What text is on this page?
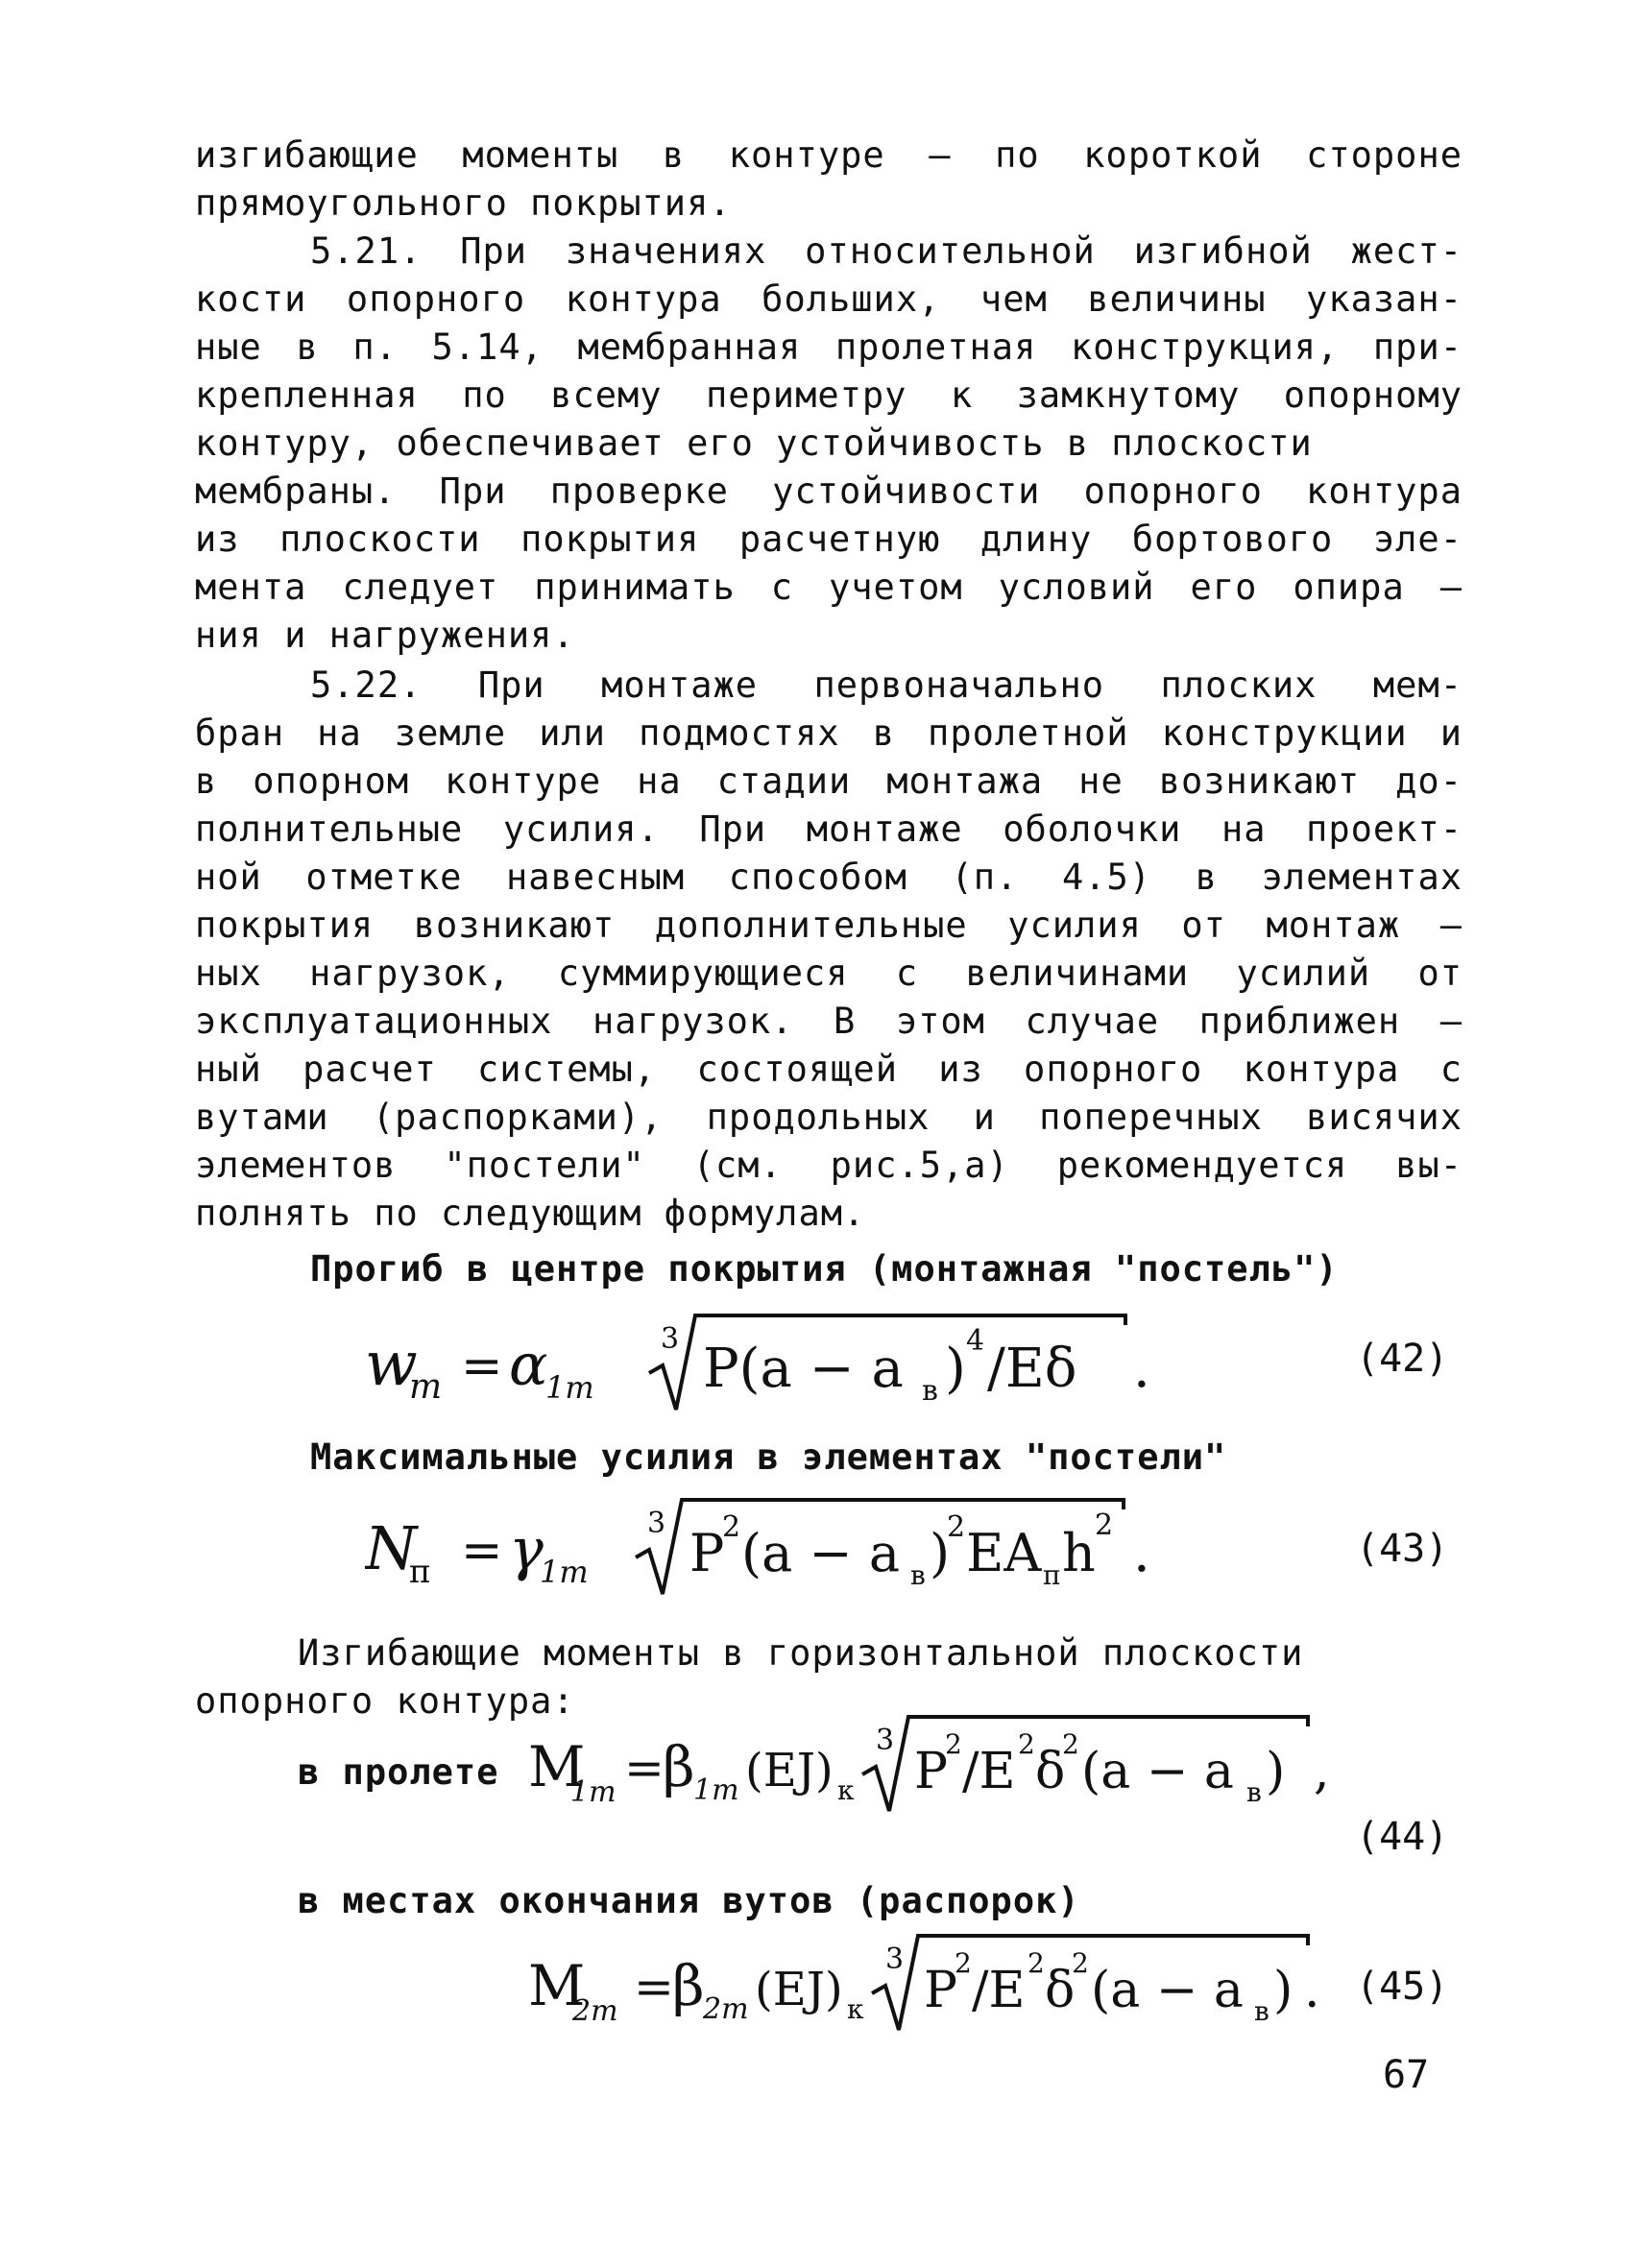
изгибающие моменты в контуре – по короткой стороне
прямоугольного покрытия.
5.21. При значениях относительной изгибной жест-
кости опорного контура больших, чем величины указан-
ные в п. 5.14, мембранная пролетная конструкция, при-
крепленная по всему периметру к замкнутому опорному
контуру, обеспечивает его устойчивость в плоскости
мембраны. При проверке устойчивости опорного контура
из плоскости покрытия расчетную длину бортового эле-
мента следует принимать с учетом условий его опира –
ния и нагружения.
5.22. При монтаже первоначально плоских мем-
бран на земле или подмостях в пролетной конструкции и
в опорном контуре на стадии монтажа не возникают до-
полнительные усилия. При монтаже оболочки на проект-
ной отметке навесным способом (п. 4.5) в элементах
покрытия возникают дополнительные усилия от монтаж –
ных нагрузок, суммирующиеся с величинами усилий от
эксплуатационных нагрузок. В этом случае приближен –
ный расчет системы, состоящей из опорного контура с
вутами (распорками), продольных и поперечных висячих
элементов "постели" (см. рис.5,а) рекомендуется вы-
полнять по следующим формулам.
Прогиб в центре покрытия (монтажная "постель")
w
m = α
1m
3 P(a − a в ) 4 /Eδ .	(42)
Максимальные усилия в элементах "постели"
N
п = γ
1m
3 P
2 (a − a в )
2 EA п h 2 .	(43)
Изгибающие моменты в горизонтальной плоскости
опорного контура:
в пролете M
1m =
β
1m (EJ) к
3
P
2 /E 2 δ
2 (a − a в ) ,
(44)
в местах окончания вутов (распорок)
M
2m =
β
2m (EJ) к
3
P
2 /E 2 δ
2 (a − a в ) . (45)
67
